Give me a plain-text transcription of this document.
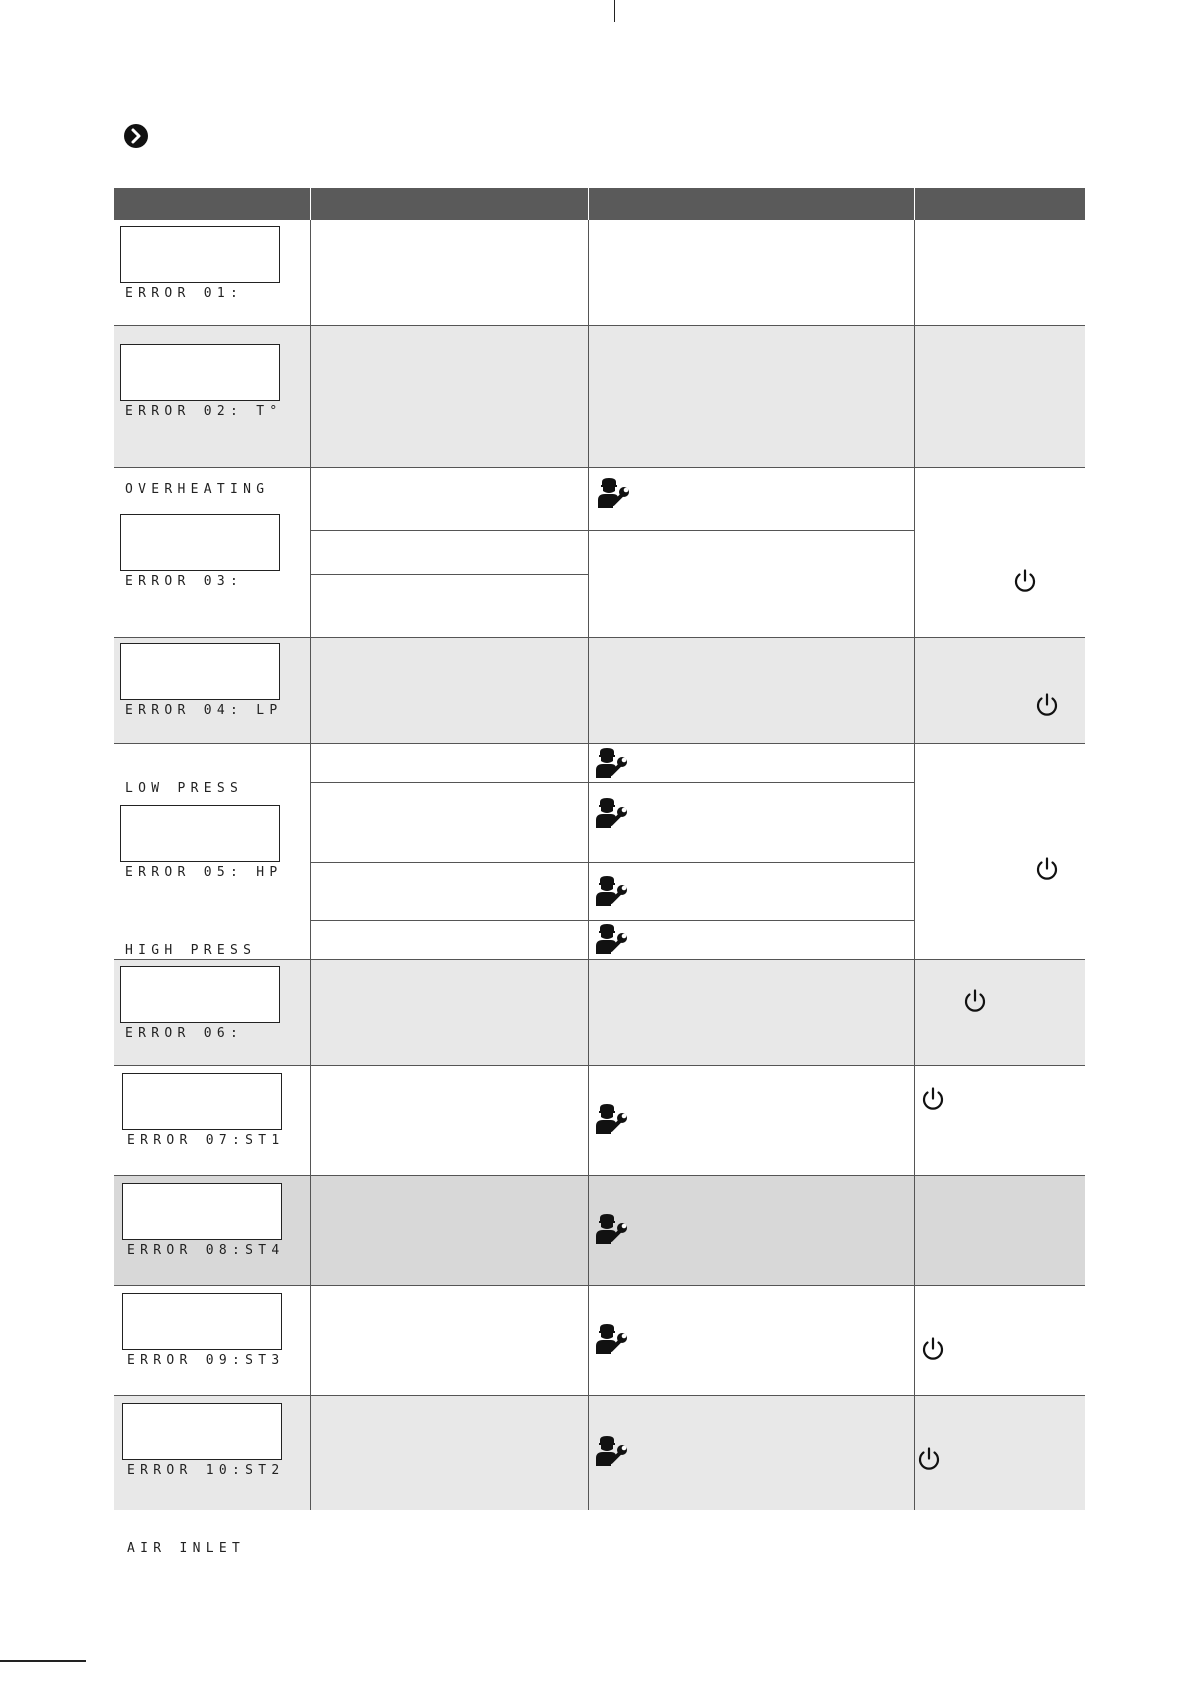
ERROR 01:

ERROR 02: T°

OVERHEATING

ERROR 03:

ERROR 04: LP

LOW PRESS

ERROR 05: HP

HIGH PRESS

ERROR 06:

ERROR 07:ST1

ERROR 08:ST4

ERROR 09:ST3

ERROR 10:ST2

AIR INLET
